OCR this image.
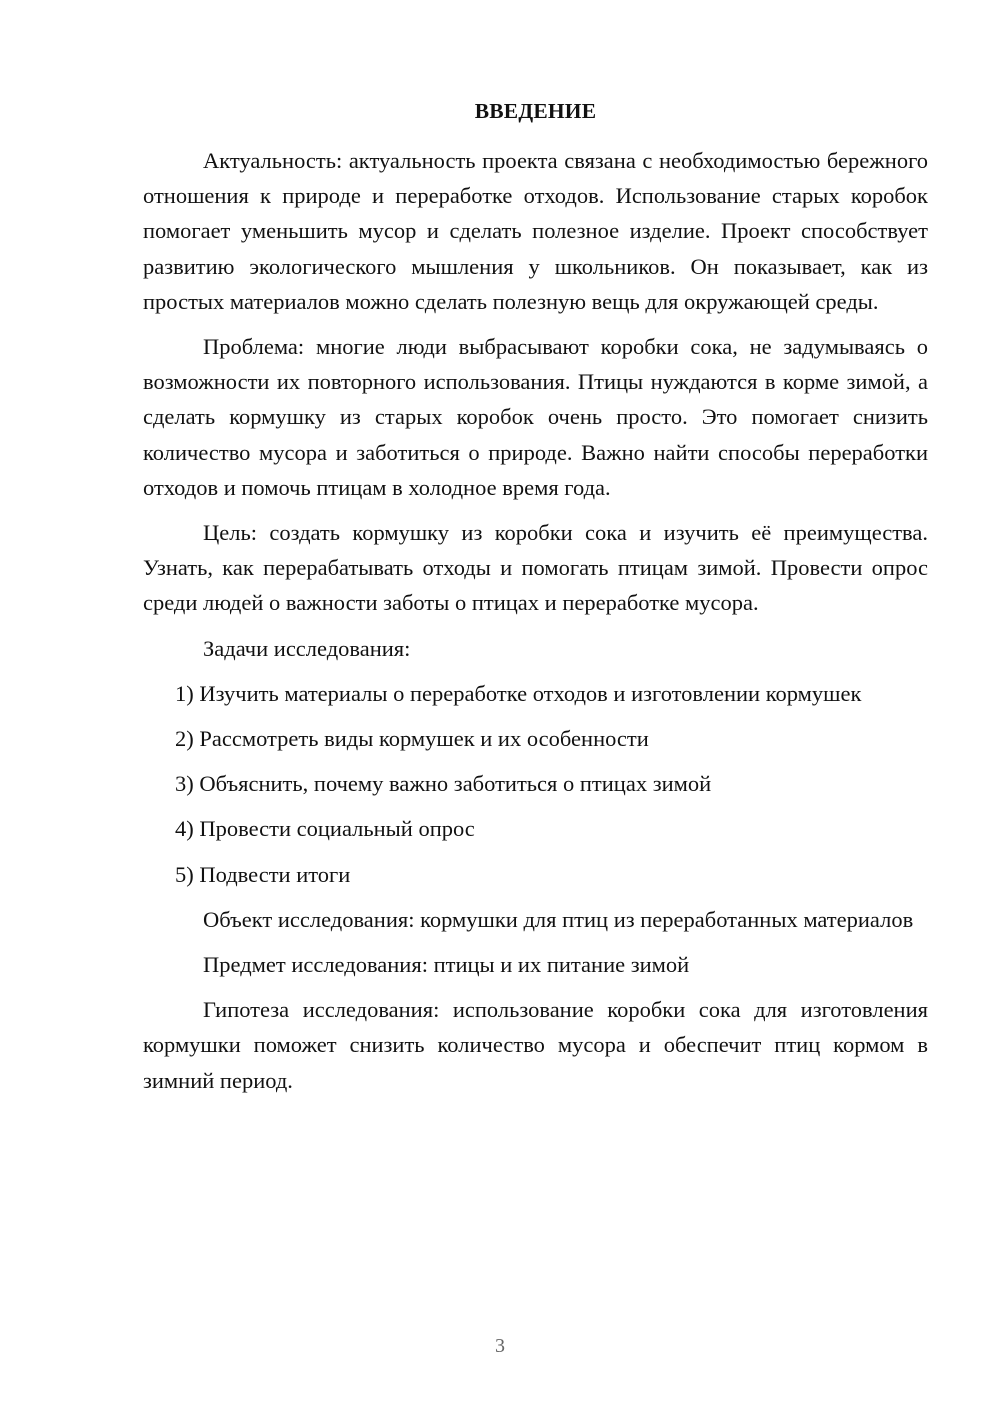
ВВЕДЕНИЕ

Актуальность: актуальность проекта связана с необходимостью бережного отношения к природе и переработке отходов. Использование старых коробок помогает уменьшить мусор и сделать полезное изделие. Проект способствует развитию экологического мышления у школьников. Он показывает, как из простых материалов можно сделать полезную вещь для окружающей среды.

Проблема: многие люди выбрасывают коробки сока, не задумываясь о возможности их повторного использования. Птицы нуждаются в корме зимой, а сделать кормушку из старых коробок очень просто. Это помогает снизить количество мусора и заботиться о природе. Важно найти способы переработки отходов и помочь птицам в холодное время года.

Цель: создать кормушку из коробки сока и изучить её преимущества. Узнать, как перерабатывать отходы и помогать птицам зимой. Провести опрос среди людей о важности заботы о птицах и переработке мусора.

Задачи исследования:

1) Изучить материалы о переработке отходов и изготовлении кормушек

2) Рассмотреть виды кормушек и их особенности

3) Объяснить, почему важно заботиться о птицах зимой

4) Провести социальный опрос

5) Подвести итоги

Объект исследования: кормушки для птиц из переработанных материалов

Предмет исследования: птицы и их питание зимой

Гипотеза исследования: использование коробки сока для изготовления кормушки поможет снизить количество мусора и обеспечит птиц кормом в зимний период.

3
